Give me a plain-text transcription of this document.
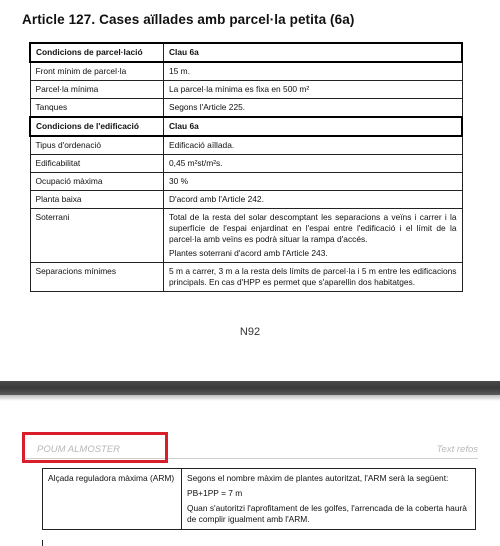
Article 127. Cases aïllades amb parcel·la petita (6a)
Condicions de parcel·lació	Clau 6a
Front mínim de parcel·la	15 m.
Parcel·la mínima	La parcel·la mínima es fixa en 500 m²
Tanques	Segons l'Article 225.
Condicions de l'edificació	Clau 6a
Tipus d'ordenació	Edificació aïllada.
Edificabilitat	0,45 m²st/m²s.
Ocupació màxima	30 %
Planta baixa	D'acord amb l'Article 242.
Soterrani	Total de la resta del solar descomptant les separacions a veïns i carrer i la superfície de l'espai enjardinat en l'espai entre l'edificació i el límit de la parcel·la amb veïns es podrà situar la rampa d'accés.
Plantes soterrani d'acord amb l'Article 243.

Separacions mínimes	5 m a carrer, 3 m a la resta dels límits de parcel·la i 5 m entre les edificacions principals. En cas d'HPP es permet que s'aparellin dos habitatges.
N92
POUM ALMOSTER	Text refos
Alçada reguladora màxima (ARM)	Segons el nombre màxim de plantes autoritzat, l'ARM serà la següent:
PB+1PP = 7 m
Quan s'autoritzi l'aprofitament de les golfes, l'arrencada de la coberta haurà de complir igualment amb l'ARM.
